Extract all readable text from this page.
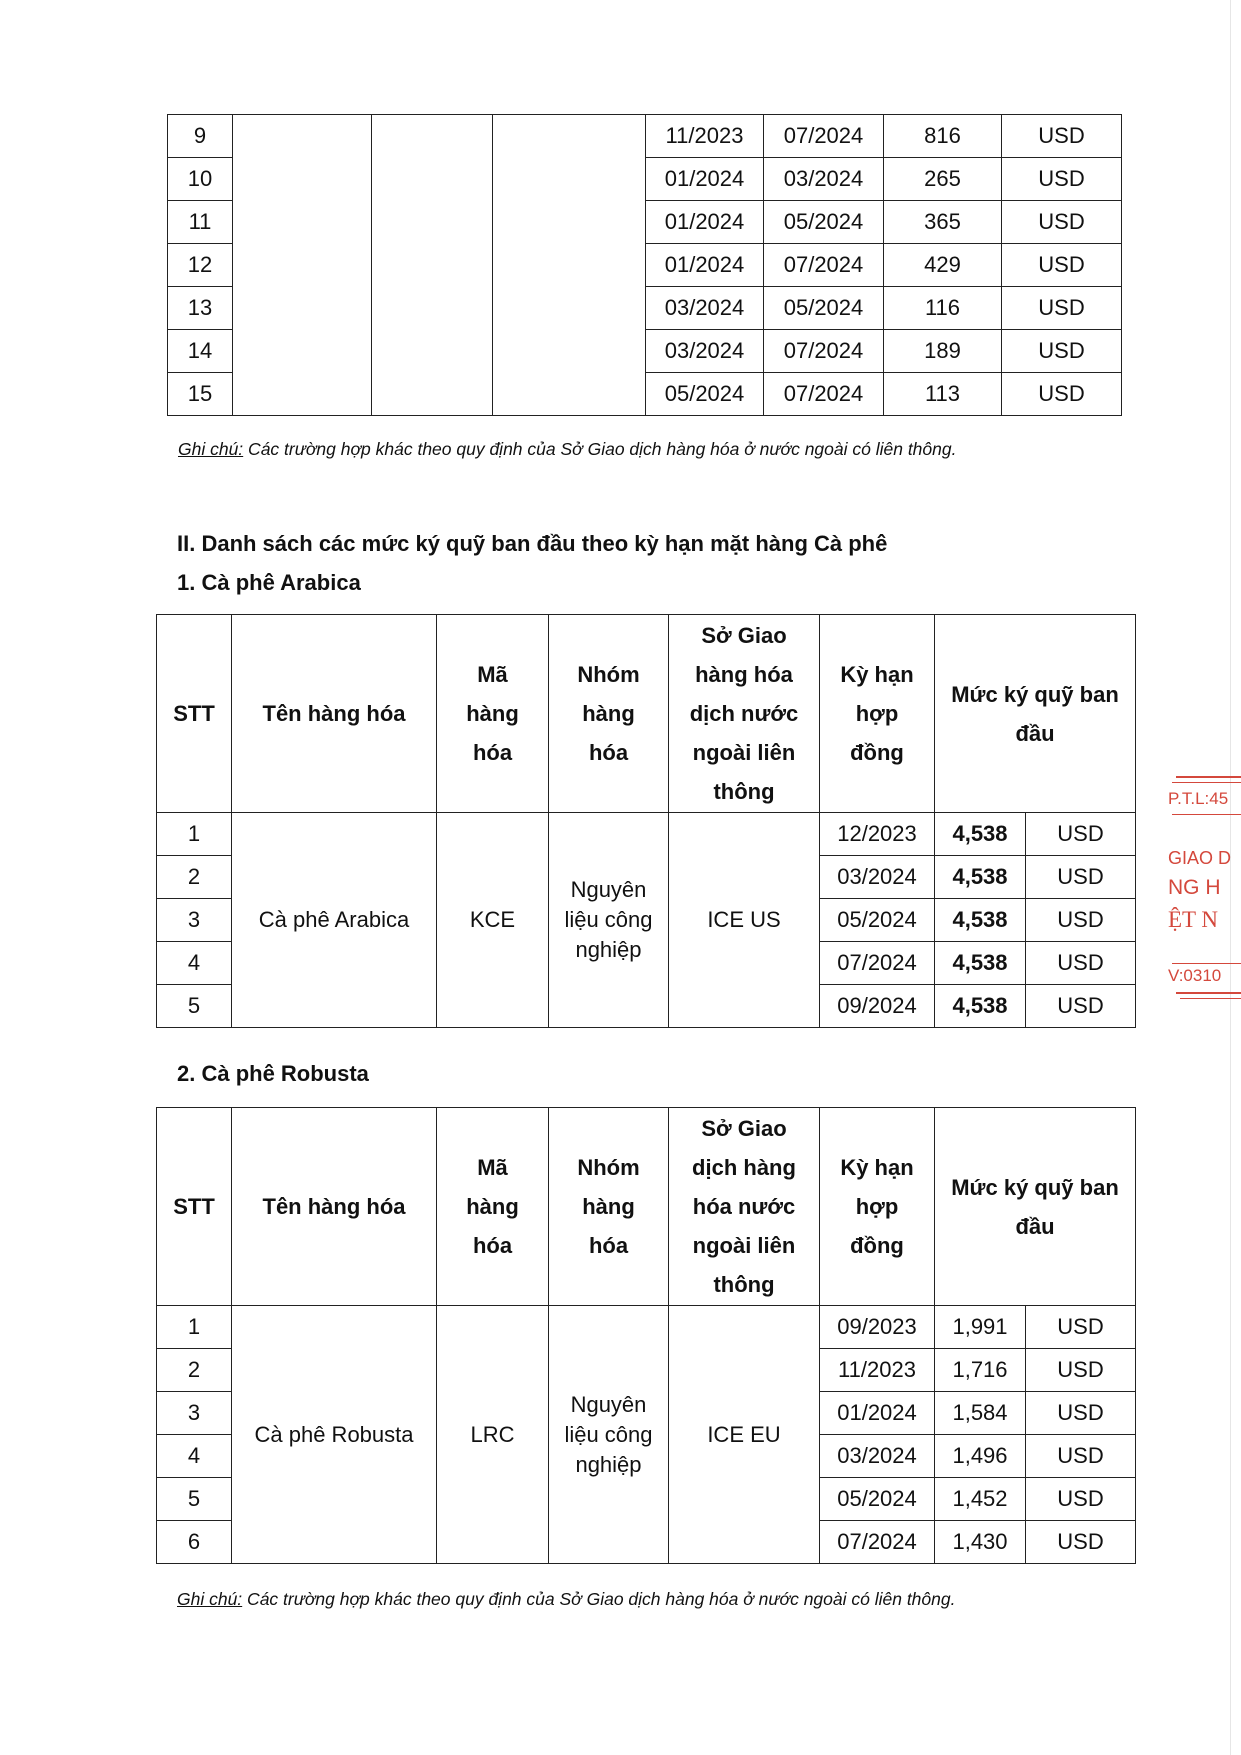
9				11/2023	07/2024	816	USD
10				01/2024	03/2024	265	USD
11				01/2024	05/2024	365	USD
12				01/2024	07/2024	429	USD
13				03/2024	05/2024	116	USD
14				03/2024	07/2024	189	USD
15				05/2024	07/2024	113	USD
Ghi chú: Các trường hợp khác theo quy định của Sở Giao dịch hàng hóa ở nước ngoài có liên thông.
II. Danh sách các mức ký quỹ ban đầu theo kỳ hạn mặt hàng Cà phê
1. Cà phê Arabica
STT	Tên hàng hóa	Mã hàng hóa	Nhóm hàng hóa	Sở Giao hàng hóa dịch nước ngoài liên thông	Kỳ hạn hợp đồng	Mức ký quỹ ban đầu	
1	Cà phê Arabica	KCE	Nguyên liệu công nghiệp	ICE US	12/2023	4,538	USD
2					03/2024	4,538	USD
3					05/2024	4,538	USD
4					07/2024	4,538	USD
5					09/2024	4,538	USD
2. Cà phê Robusta
STT	Tên hàng hóa	Mã hàng hóa	Nhóm hàng hóa	Sở Giao dịch hàng hóa nước ngoài liên thông	Kỳ hạn hợp đồng	Mức ký quỹ ban đầu	
1	Cà phê Robusta	LRC	Nguyên liệu công nghiệp	ICE EU	09/2023	1,991	USD
2					11/2023	1,716	USD
3					01/2024	1,584	USD
4					03/2024	1,496	USD
5					05/2024	1,452	USD
6					07/2024	1,430	USD
Ghi chú: Các trường hợp khác theo quy định của Sở Giao dịch hàng hóa ở nước ngoài có liên thông.
P.T.L:45
GIAO D
NG H
ỆT N
V:0310
